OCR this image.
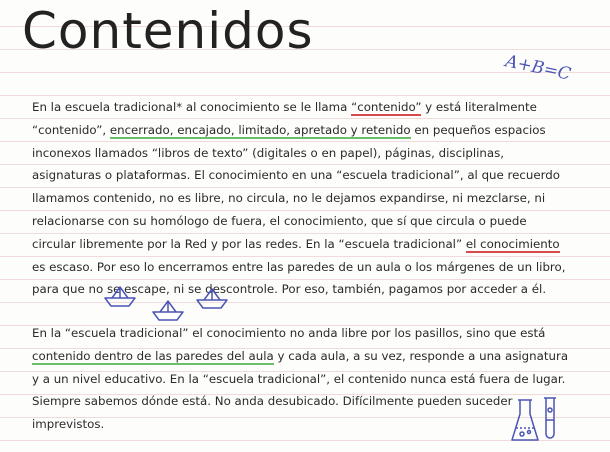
Contenidos
A+B=C

En la escuela tradicional* al conocimiento se le llama “contenido” y está literalmente “contenido”, encerrado, encajado, limitado, apretado y retenido en pequeños espacios inconexos llamados “libros de texto” (digitales o en papel), páginas, disciplinas, asignaturas o plataformas. El conocimiento en una “escuela tradicional”, al que recuerdo llamamos contenido, no es libre, no circula, no le dejamos expandirse, ni mezclarse, ni relacionarse con su homólogo de fuera, el conocimiento, que sí que circula o puede circular libremente por la Red y por las redes. En la “escuela tradicional” el conocimiento es escaso. Por eso lo encerramos entre las paredes de un aula o los márgenes de un libro, para que no se escape, ni se descontrole. Por eso, también, pagamos por acceder a él.

En la “escuela tradicional” el conocimiento no anda libre por los pasillos, sino que está contenido dentro de las paredes del aula y cada aula, a su vez, responde a una asignatura y a un nivel educativo. En la “escuela tradicional”, el contenido nunca está fuera de lugar. Siempre sabemos dónde está. No anda desubicado. Difícilmente pueden suceder imprevistos.
